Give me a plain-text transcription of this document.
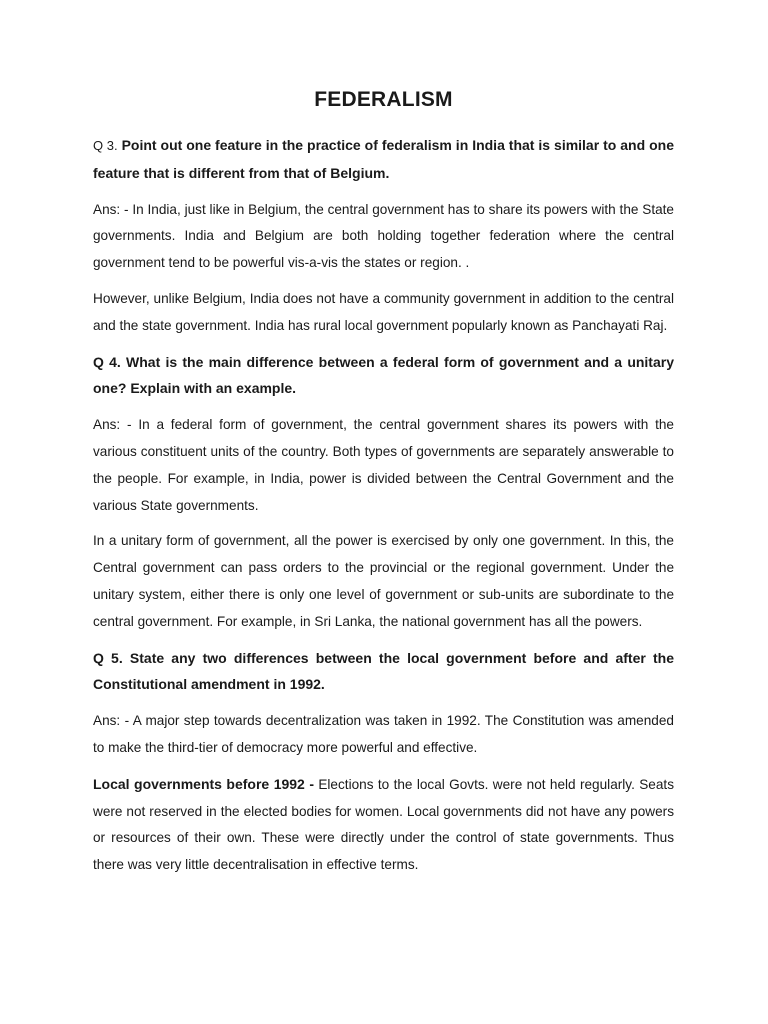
FEDERALISM

Q 3. Point out one feature in the practice of federalism in India that is similar to and one feature that is different from that of Belgium.

Ans: - In India, just like in Belgium, the central government has to share its powers with the State governments. India and Belgium are both holding together federation where the central government tend to be powerful vis-a-vis the states or region. .

However, unlike Belgium, India does not have a community government in addition to the central and the state government. India has rural local government popularly known as Panchayati Raj.

Q 4. What is the main difference between a federal form of government and a unitary one? Explain with an example.

Ans: - In a federal form of government, the central government shares its powers with the various constituent units of the country. Both types of governments are separately answerable to the people. For example, in India, power is divided between the Central Government and the various State governments.

In a unitary form of government, all the power is exercised by only one government. In this, the Central government can pass orders to the provincial or the regional government. Under the unitary system, either there is only one level of government or sub-units are subordinate to the central government. For example, in Sri Lanka, the national government has all the powers.

Q 5. State any two differences between the local government before and after the Constitutional amendment in 1992.

Ans: - A major step towards decentralization was taken in 1992. The Constitution was amended to make the third-tier of democracy more powerful and effective.

Local governments before 1992 - Elections to the local Govts. were not held regularly. Seats were not reserved in the elected bodies for women. Local governments did not have any powers or resources of their own. These were directly under the control of state governments. Thus there was very little decentralisation in effective terms.
